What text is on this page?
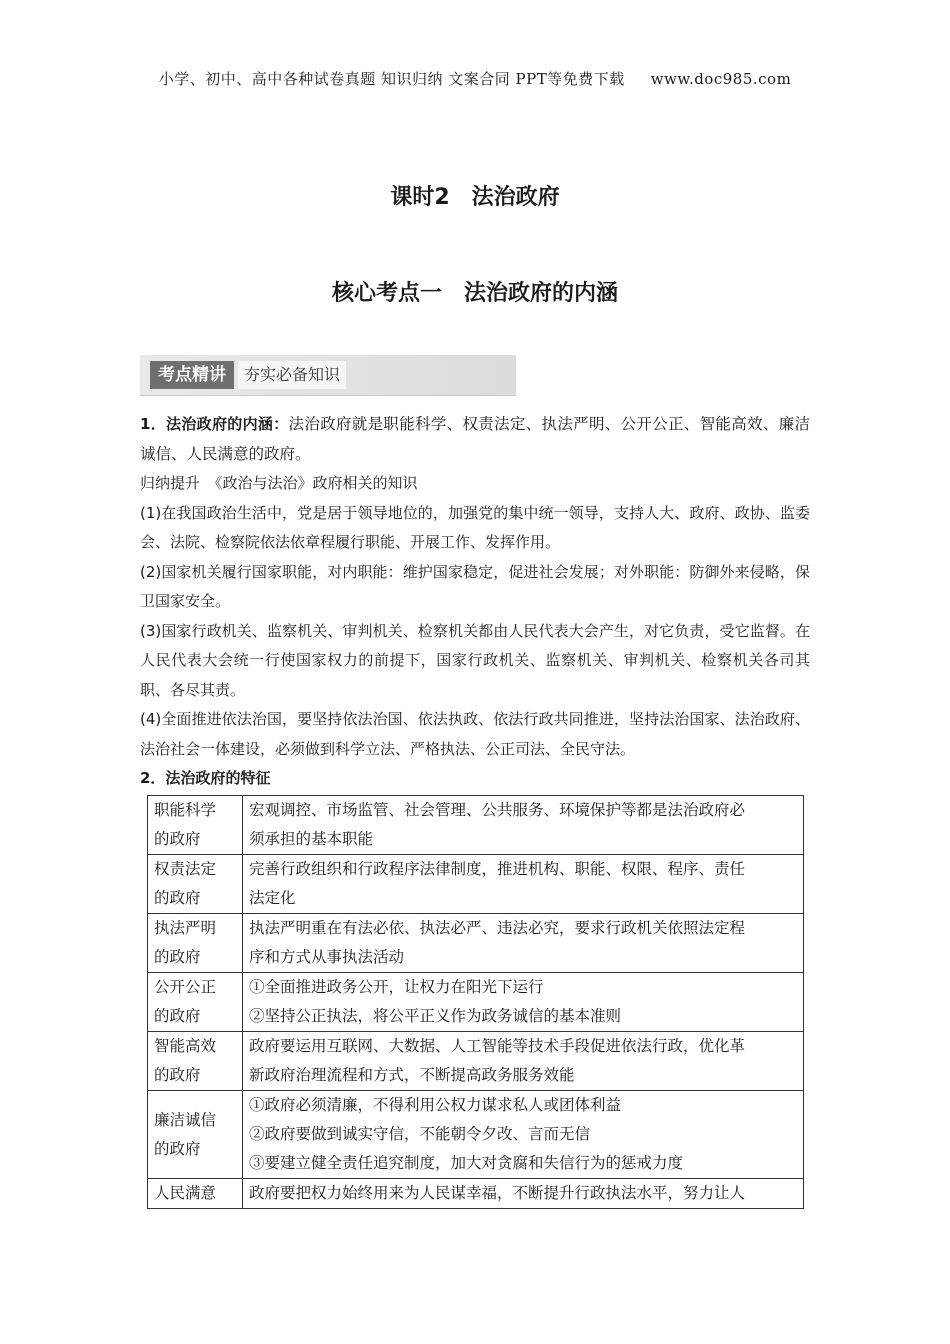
小学、初中、高中各种试卷真题 知识归纳 文案合同 PPT等免费下载 www.doc985.com
课时2　法治政府
核心考点一　法治政府的内涵
考点精讲	夯实必备知识

1．法治政府的内涵：法治政府就是职能科学、权责法定、执法严明、公开公正、智能高效、廉洁诚信、人民满意的政府。

归纳提升　《政治与法治》政府相关的知识

(1)在我国政治生活中，党是居于领导地位的，加强党的集中统一领导，支持人大、政府、政协、监委会、法院、检察院依法依章程履行职能、开展工作、发挥作用。

(2)国家机关履行国家职能，对内职能：维护国家稳定，促进社会发展；对外职能：防御外来侵略，保卫国家安全。

(3)国家行政机关、监察机关、审判机关、检察机关都由人民代表大会产生，对它负责，受它监督。在人民代表大会统一行使国家权力的前提下，国家行政机关、监察机关、审判机关、检察机关各司其职、各尽其责。

(4)全面推进依法治国，要坚持依法治国、依法执政、依法行政共同推进，坚持法治国家、法治政府、法治社会一体建设，必须做到科学立法、严格执法、公正司法、全民守法。

2．法治政府的特征

职能科学
的政府	宏观调控、市场监管、社会管理、公共服务、环境保护等都是法治政府必
须承担的基本职能

权责法定
的政府	完善行政组织和行政程序法律制度，推进机构、职能、权限、程序、责任
法定化

执法严明
的政府	执法严明重在有法必依、执法必严、违法必究，要求行政机关依照法定程
序和方式从事执法活动

公开公正
的政府	①全面推进政务公开，让权力在阳光下运行
②坚持公正执法，将公平正义作为政务诚信的基本准则

智能高效
的政府	政府要运用互联网、大数据、人工智能等技术手段促进依法行政，优化革
新政府治理流程和方式，不断提高政务服务效能

廉洁诚信
的政府	①政府必须清廉，不得利用公权力谋求私人或团体利益
②政府要做到诚实守信，不能朝令夕改、言而无信
③要建立健全责任追究制度，加大对贪腐和失信行为的惩戒力度

人民满意	政府要把权力始终用来为人民谋幸福，不断提升行政执法水平，努力让人
